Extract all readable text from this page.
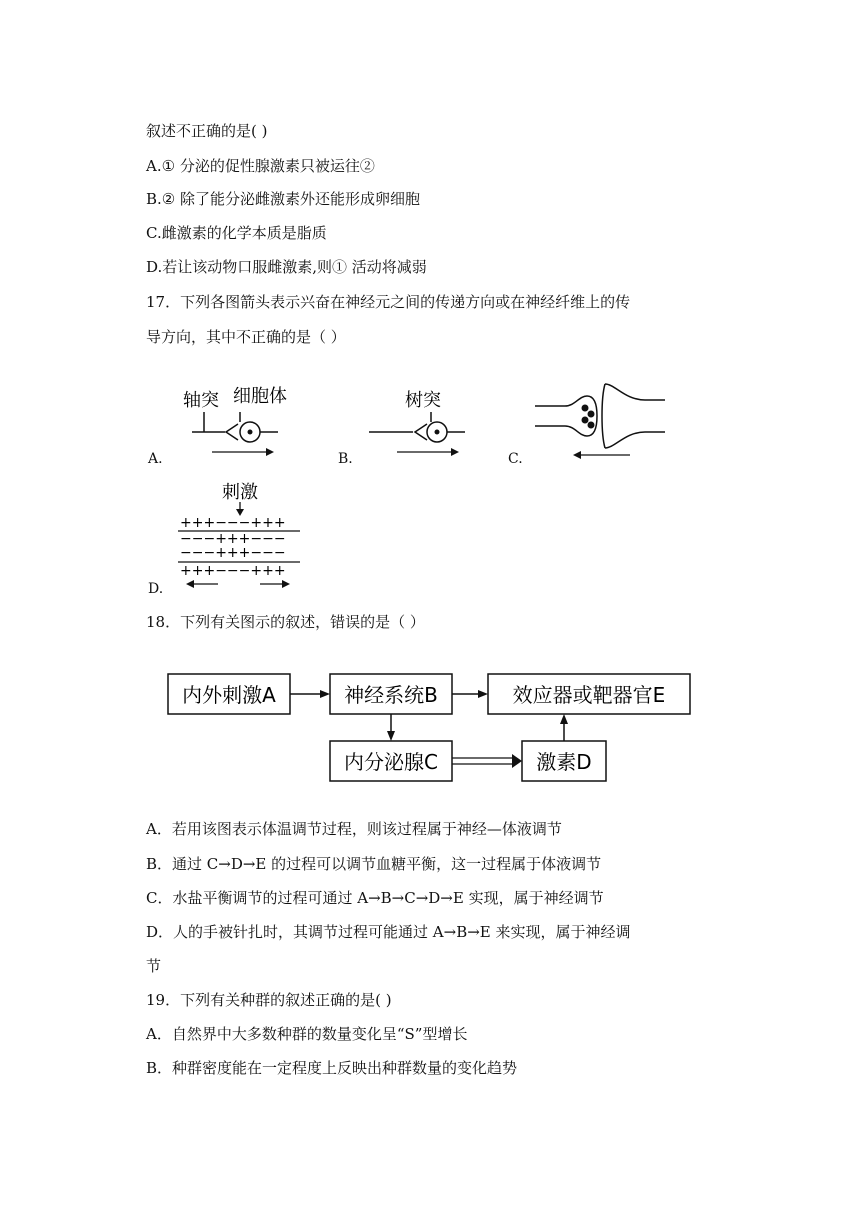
叙述不正确的是( )
A.① 分泌的促性腺激素只被运往②
B.② 除了能分泌雌激素外还能形成卵细胞
C.雌激素的化学本质是脂质
D.若让该动物口服雌激素,则① 活动将减弱
17．下列各图箭头表示兴奋在神经元之间的传递方向或在神经纤维上的传
导方向，其中不正确的是（ ）
A.
轴突 细胞体
B.
树突
C.
D.
刺激
+++−−−+++
−−−+++−−−
−−−+++−−−
+++−−−+++
18．下列有关图示的叙述，错误的是（ ）
内外刺激A	神经系统B	效应器或靶器官E
内分泌腺C	激素D
A．若用该图表示体温调节过程，则该过程属于神经—体液调节
B．通过 C→D→E 的过程可以调节血糖平衡，这一过程属于体液调节
C．水盐平衡调节的过程可通过 A→B→C→D→E 实现，属于神经调节
D．人的手被针扎时，其调节过程可能通过 A→B→E 来实现，属于神经调
节
19．下列有关种群的叙述正确的是( )
A．自然界中大多数种群的数量变化呈“S”型增长
B．种群密度能在一定程度上反映出种群数量的变化趋势
